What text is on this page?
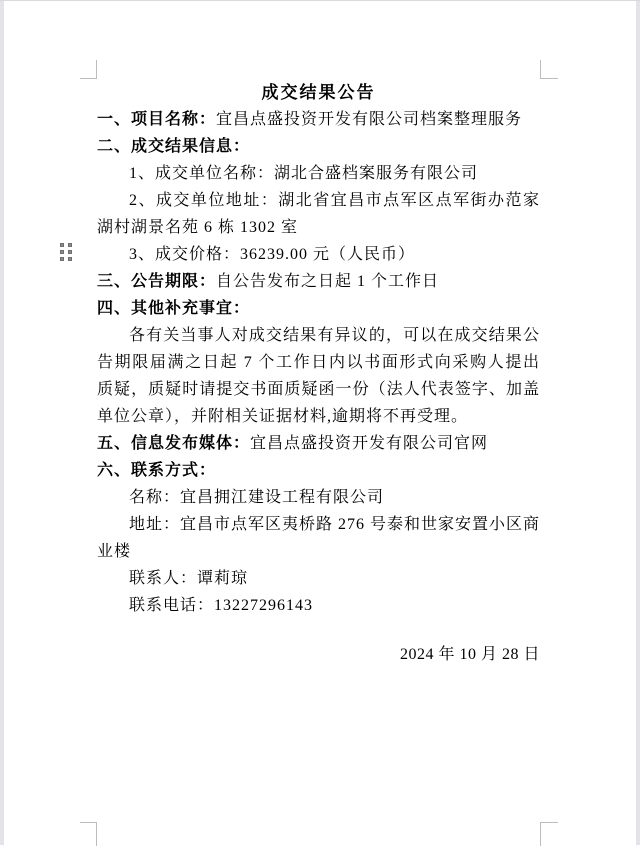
成交结果公告

一、项目名称：宜昌点盛投资开发有限公司档案整理服务

二、成交结果信息：

1、成交单位名称：湖北合盛档案服务有限公司

2、成交单位地址：湖北省宜昌市点军区点军街办范家湖村湖景名苑 6 栋 1302 室

3、成交价格：36239.00 元（人民币）

三、公告期限：自公告发布之日起 1 个工作日

四、其他补充事宜：

各有关当事人对成交结果有异议的，可以在成交结果公告期限届满之日起 7 个工作日内以书面形式向采购人提出质疑，质疑时请提交书面质疑函一份（法人代表签字、加盖单位公章），并附相关证据材料,逾期将不再受理。

五、信息发布媒体：宜昌点盛投资开发有限公司官网

六、联系方式：

名称：宜昌拥江建设工程有限公司

地址：宜昌市点军区夷桥路 276 号泰和世家安置小区商业楼

联系人：谭莉琼

联系电话：13227296143

2024 年 10 月 28 日
